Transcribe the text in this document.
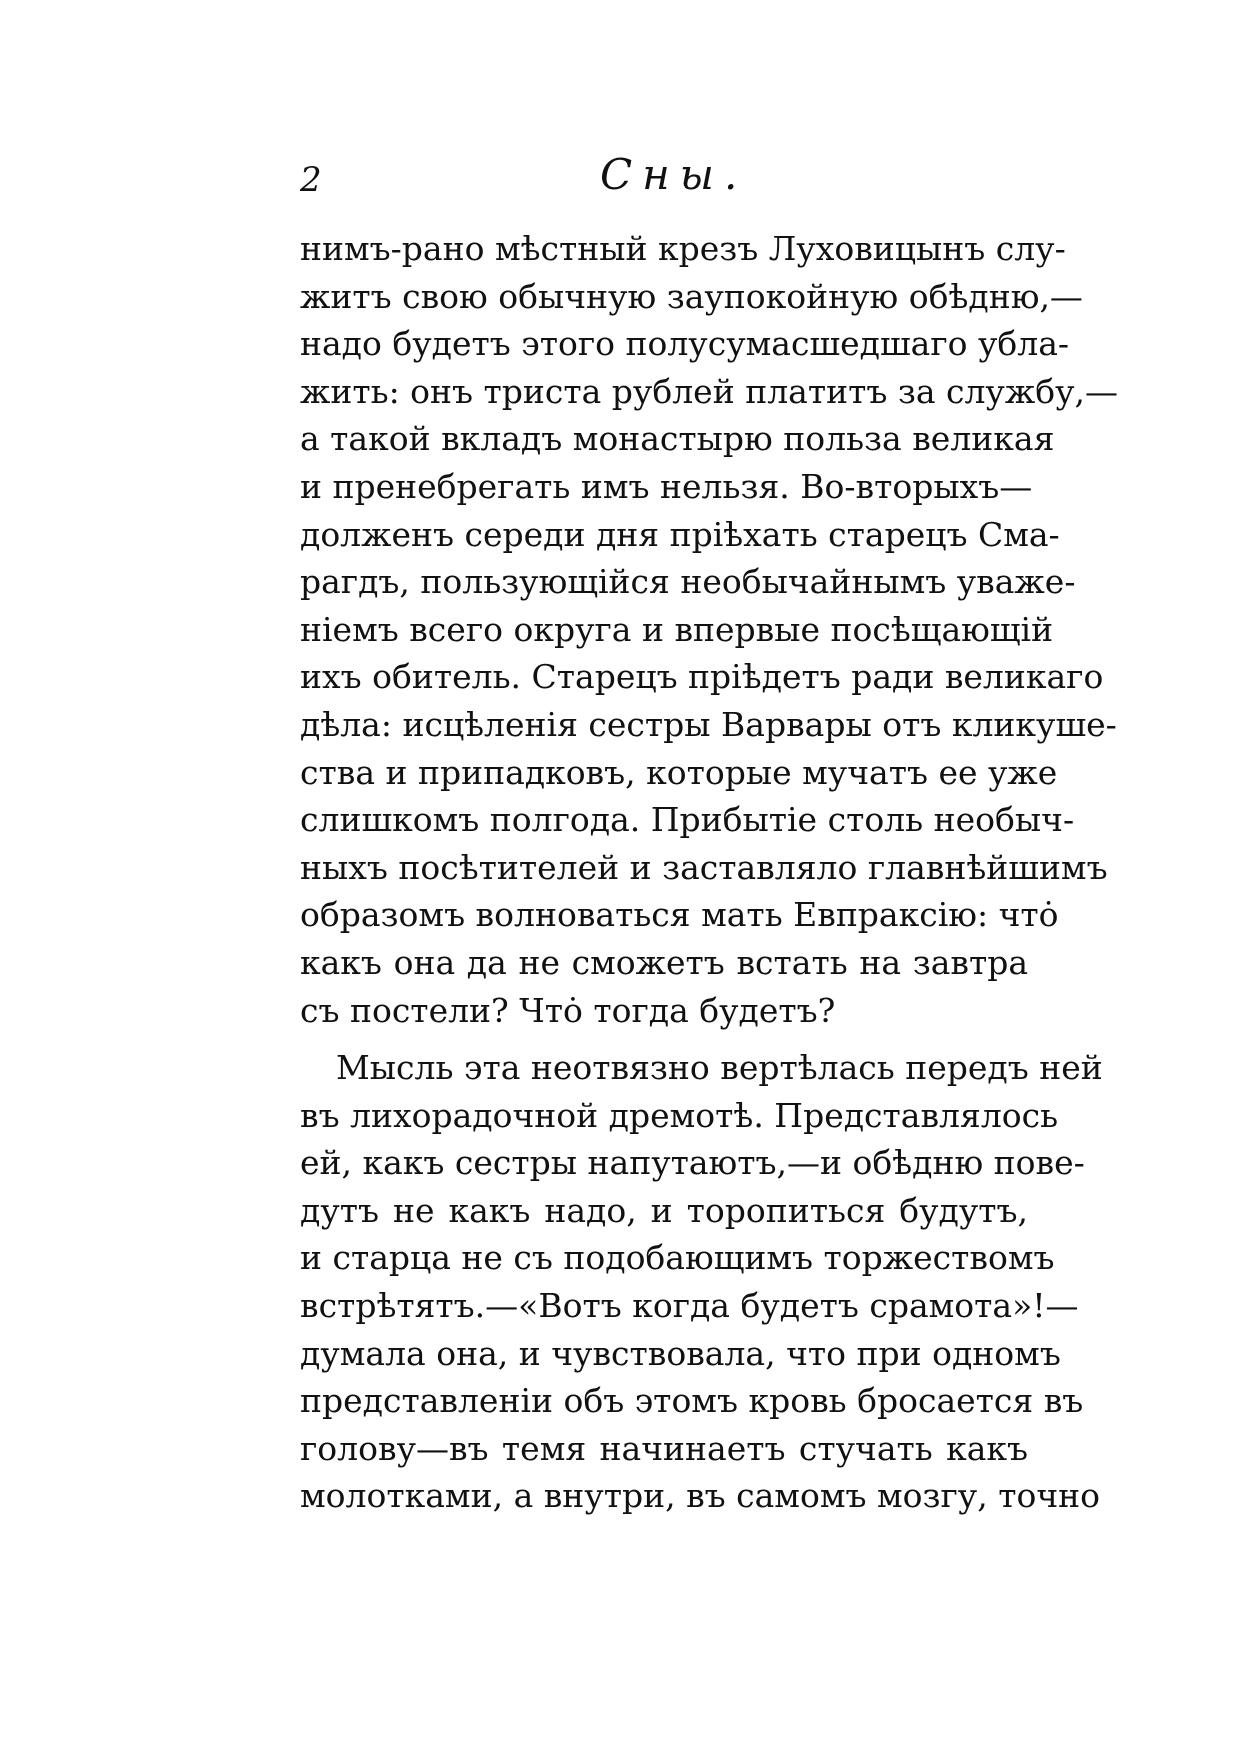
2	Сны.
нимъ-рано мѣстный крезъ Луховицынъ слу-
житъ свою обычную заупокойную обѣдню,—
надо будетъ этого полусумасшедшаго убла-
жить: онъ триста рублей платитъ за службу,—
а такой вкладъ монастырю польза великая
и пренебрегать имъ нельзя. Во-вторыхъ—
долженъ середи дня пріѣхать старецъ Сма-
рагдъ, пользующійся необычайнымъ уваже-
ніемъ всего округа и впервые посѣщающій
ихъ обитель. Старецъ пріѣдетъ ради великаго
дѣла: исцѣленія сестры Варвары отъ кликуше-
ства и припадковъ, которые мучатъ ее уже
слишкомъ полгода. Прибытіе столь необыч-
ныхъ посѣтителей и заставляло главнѣйшимъ
образомъ волноваться мать Евпраксію: чтȯ
какъ она да не сможетъ встать на завтра
съ постели? Чтȯ тогда будетъ?
Мысль эта неотвязно вертѣлась передъ ней
въ лихорадочной дремотѣ. Представлялось
ей, какъ сестры напутаютъ,—и обѣдню пове-
дутъ не какъ надо, и торопиться будутъ,
и старца не съ подобающимъ торжествомъ
встрѣтятъ.—«Вотъ когда будетъ срамота»!—
думала она, и чувствовала, что при одномъ
представленіи объ этомъ кровь бросается въ
голову—въ темя начинаетъ стучать какъ
молотками, а внутри, въ самомъ мозгу, точно
